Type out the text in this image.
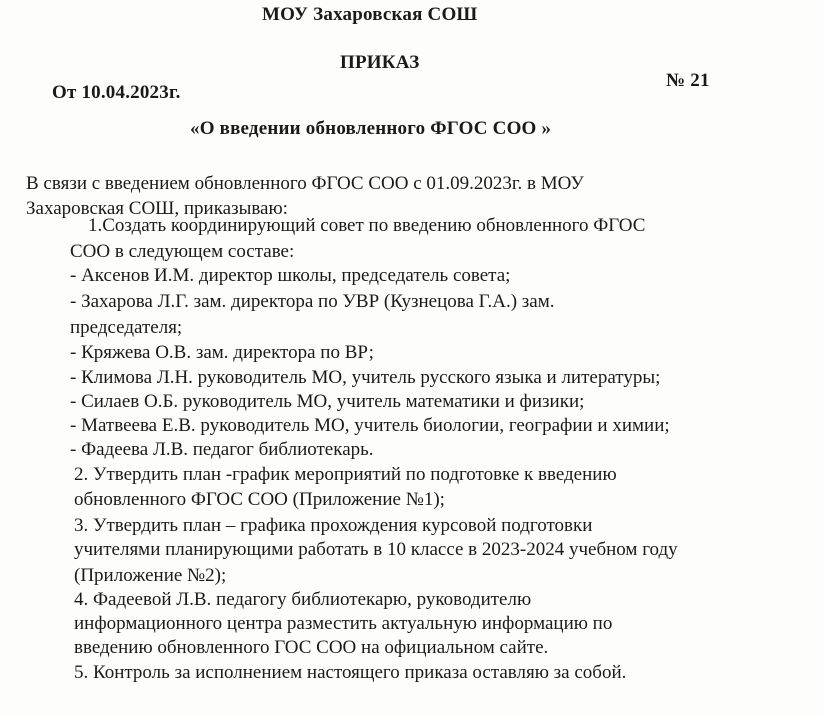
МОУ Захаровская СОШ
ПРИКАЗ
От 10.04.2023г.
№ 21
«О введении обновленного ФГОС СОО »
В связи с введением обновленного ФГОС СОО с 01.09.2023г. в МОУ
Захаровская СОШ, приказываю:
1.Создать координирующий совет по введению обновленного ФГОС
СОО в следующем составе:
- Аксенов И.М. директор школы, председатель совета;
- Захарова Л.Г. зам. директора по УВР (Кузнецова Г.А.) зам.
председателя;
- Кряжева О.В. зам. директора по ВР;
- Климова Л.Н. руководитель МО, учитель русского языка и литературы;
- Силаев О.Б. руководитель МО, учитель математики и физики;
- Матвеева Е.В. руководитель МО, учитель биологии, географии и химии;
- Фадеева Л.В. педагог библиотекарь.
2. Утвердить план -график мероприятий по подготовке к введению
обновленного ФГОС СОО (Приложение №1);
3. Утвердить план – графика прохождения курсовой подготовки
учителями планирующими работать в 10 классе в 2023-2024 учебном году
(Приложение №2);
4. Фадеевой Л.В. педагогу библиотекарю, руководителю
информационного центра разместить актуальную информацию по
введению обновленного ГОС СОО на официальном сайте.
5. Контроль за исполнением настоящего приказа оставляю за собой.
